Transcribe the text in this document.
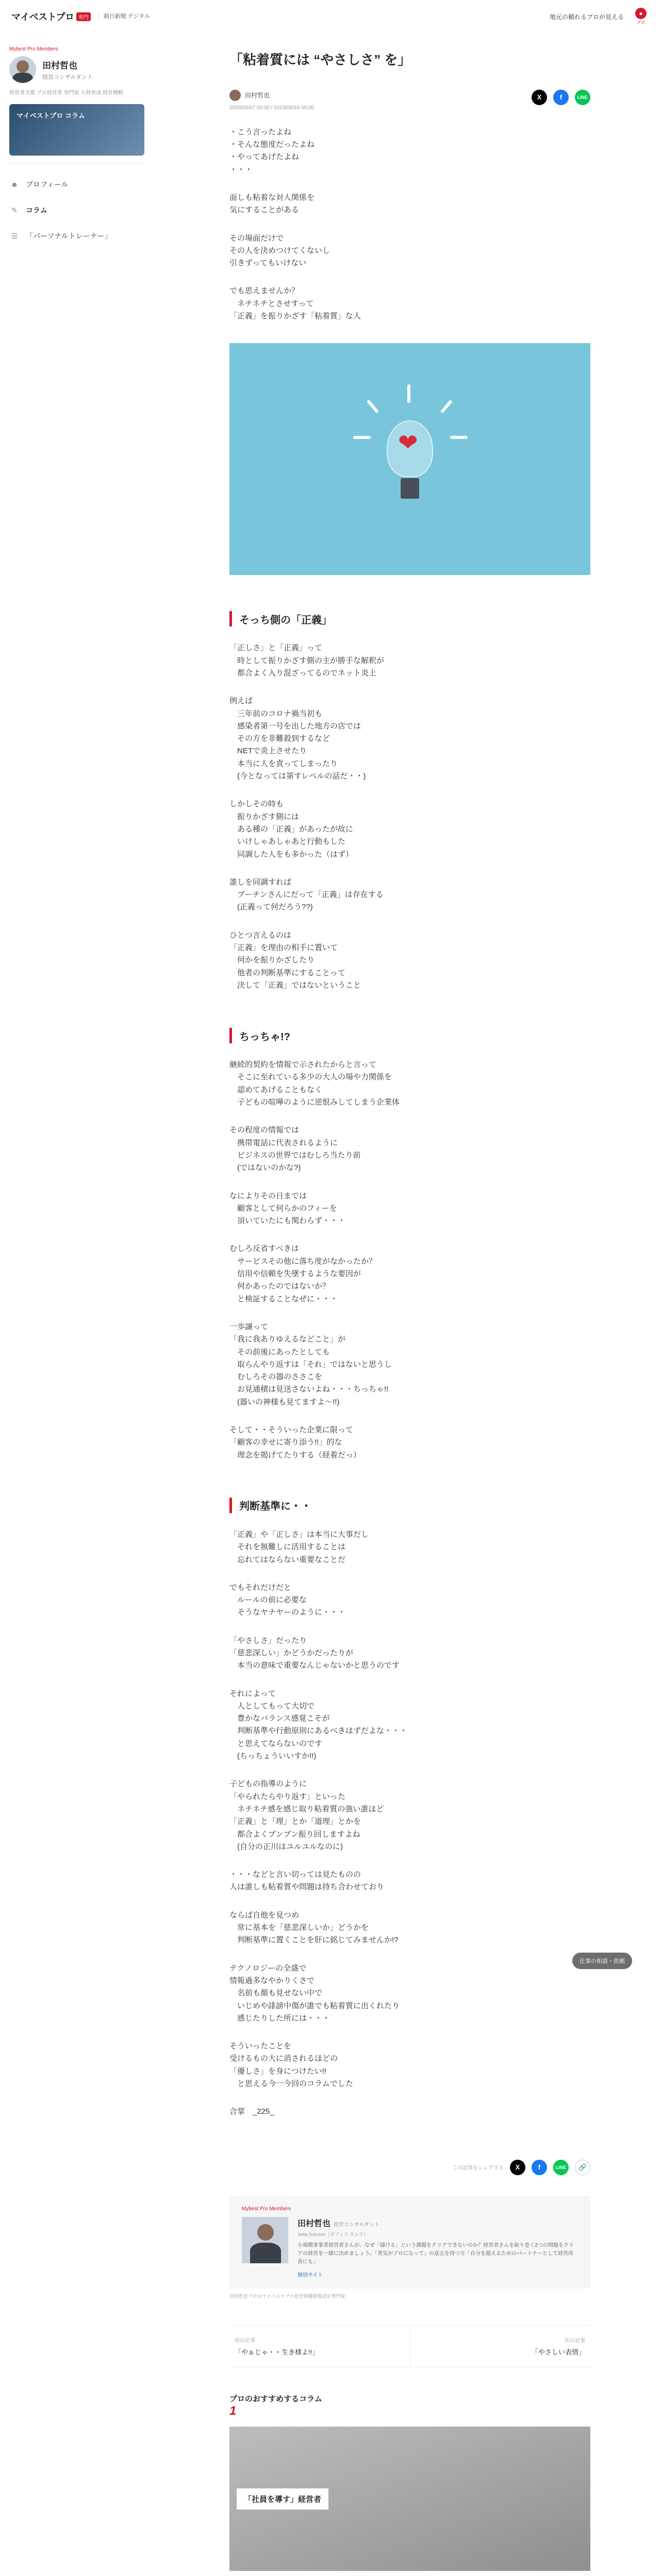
マイベストプロ 専門	朝日新聞 デジタル	地元の頼れるプロが見える	●
プロ
Mybest Pro Members
田村哲也
経営コンサルタント
経営者支援 プロ経営者 専門家 人材育成 経営戦略
マイベストプロ コラム
☻ プロフィール
✎ コラム
☰ 「パーソナルトレーナー」
「粘着質には “やさしさ” を」
田村哲也
2023/05/07 00:00 / 2023/05/16 00:00
X	f	LINE
・こう言ったよね
・そんな態度だったよね
・やってあげたよね
・・・
面しも粘着な対人関係を
気にすることがある
その場面だけで
その人を決めつけてくないし
引きずってもいけない
でも思えませんか？
　ネチネチとさせすって
「正義」を振りかざす「粘着質」な人
❤
そっち側の「正義」
「正しさ」と「正義」って
　時として振りかざす側の主が勝手な解釈が
　都合よく入り混ざってるのでネット炎上
例えば
　三年前のコロナ禍当初も
　感染者第一号を出した地方の店では
　その方を非難殺到するなど
　NETで炎上させたり
　本当に人を責ってしまったり
　(今となっては第すレベルの話だ・・)
しかしその時も
　振りかざす側には
　ある種の「正義」があったが故に
　いけしゃあしゃあと行動もした
　同調した人をも多かった（はず）
誰しを同調すれば
　ブーチンさんにだって「正義」は存在する
　(正義って何だろう??)
ひとつ言えるのは
「正義」を理由の相手に置いて
　何かを振りかざしたり
　他者の判断基準にすることって
　決して「正義」ではないということ
ちっちゃ!?
継続的契約を情報で示されたからと言って
　そこに至れている多少の大人の場や力関係を
　認めてあげることもなく
　子どもの喧嘩のように逆恨みしてしまう企業体
その程度の情報では
　携帯電話に代表されるように
　ビジネスの世界ではむしろ当たり前
　(ではないのかな?)
なによりその日までは
　顧客として何らかのフィーを
　頂いていたにも関わらず・・・
むしろ反省すべきは
　サービスその他に落ち度がなかったか？
　信用や信頼を失墜するような要因が
　何かあったのではないか？
　と検証することなぜに・・・
一歩譲って
「我に我ありゆえるなどこと」が
　その前後にあったとしても
　取らんやり返すは「それ」ではないと思うし
　むしろその器のささこを
　お見通積は見送さないよね・・・ちっちゃ!!
　(器いの神様も見てますよ〜!!)
そして・・そういった企業に限って
「顧客の幸せに寄り添う!!」的な
　理念を掲げてたりする（経着だっ）
判断基準に・・
「正義」や「正しさ」は本当に大事だし
　それを無難しに活用することは
　忘れてはならない重要なことだ
でもそれだけだと
　ルールの前に必要な
　そうなヤナヤーのように・・・
「やさしさ」だったり
「慈悲深しい」かどうかだったりが
　本当の意味で重要なんじゃないかと思うのです
それによって
　人としてもって大切で
　豊かなバランス感覚こそが
　判断基準や行動原則にあるべきはずだよな・・・
　と思えてならないのです
　(ちっちょういいすか!!)
子どもの指導のように
「やられたらやり返す」といった
　ネチネチ感を感じ取り粘着質の強い誰ほど
「正義」と「理」とか「道理」とかを
　都合よくブンブン振り回しますよね
　(自分の正川はユルユルなのに)
・・・などと言い切っては見たものの
人は誰しも粘着質や問題は持ち合わせており
ならば自他を見つめ
　常に基本を「慈悲深しいか」どうかを
　判断基準に置くことを肝に銘じてみませんか!?
テクノロジーの全盛で
情報過多なやかりくさで
　名前も顔も見せない中で
　いじめや誹謗中傷が誰でも粘着質に出くれたり
　感じたりした所には・・・
そういったことを
受けるもの大に消されるほどの
「優しさ」を身につけたい!!
　と思える今一今回のコラムでした
合掌　_225_
この記事をシェアする	X	f	LINE	🔗
Mybest Pro Members
田村哲也 経営コンサルタント
Jetta Solution（オフィス タムラ）
小規模事業者経営者さんが、なぜ「儲ける」という課題をクリアできないのか？経営者さんを取り巻く2つの問題をクリアの経営を一緒に決めましょう。「勇気がプロになって」の意志を持つ方「自分を超えるためのパートナーとして経営改善にも」
個別サイト
田村哲也プロはマイベストプロ経営体験情報認定専門家
前の記事
「やぁじゃ・・生き様よ!!」
次の記事
「やさしい表情」
プロのおすすめするコラム
1
「社員を導す」経営者
仕事の相談・依頼
